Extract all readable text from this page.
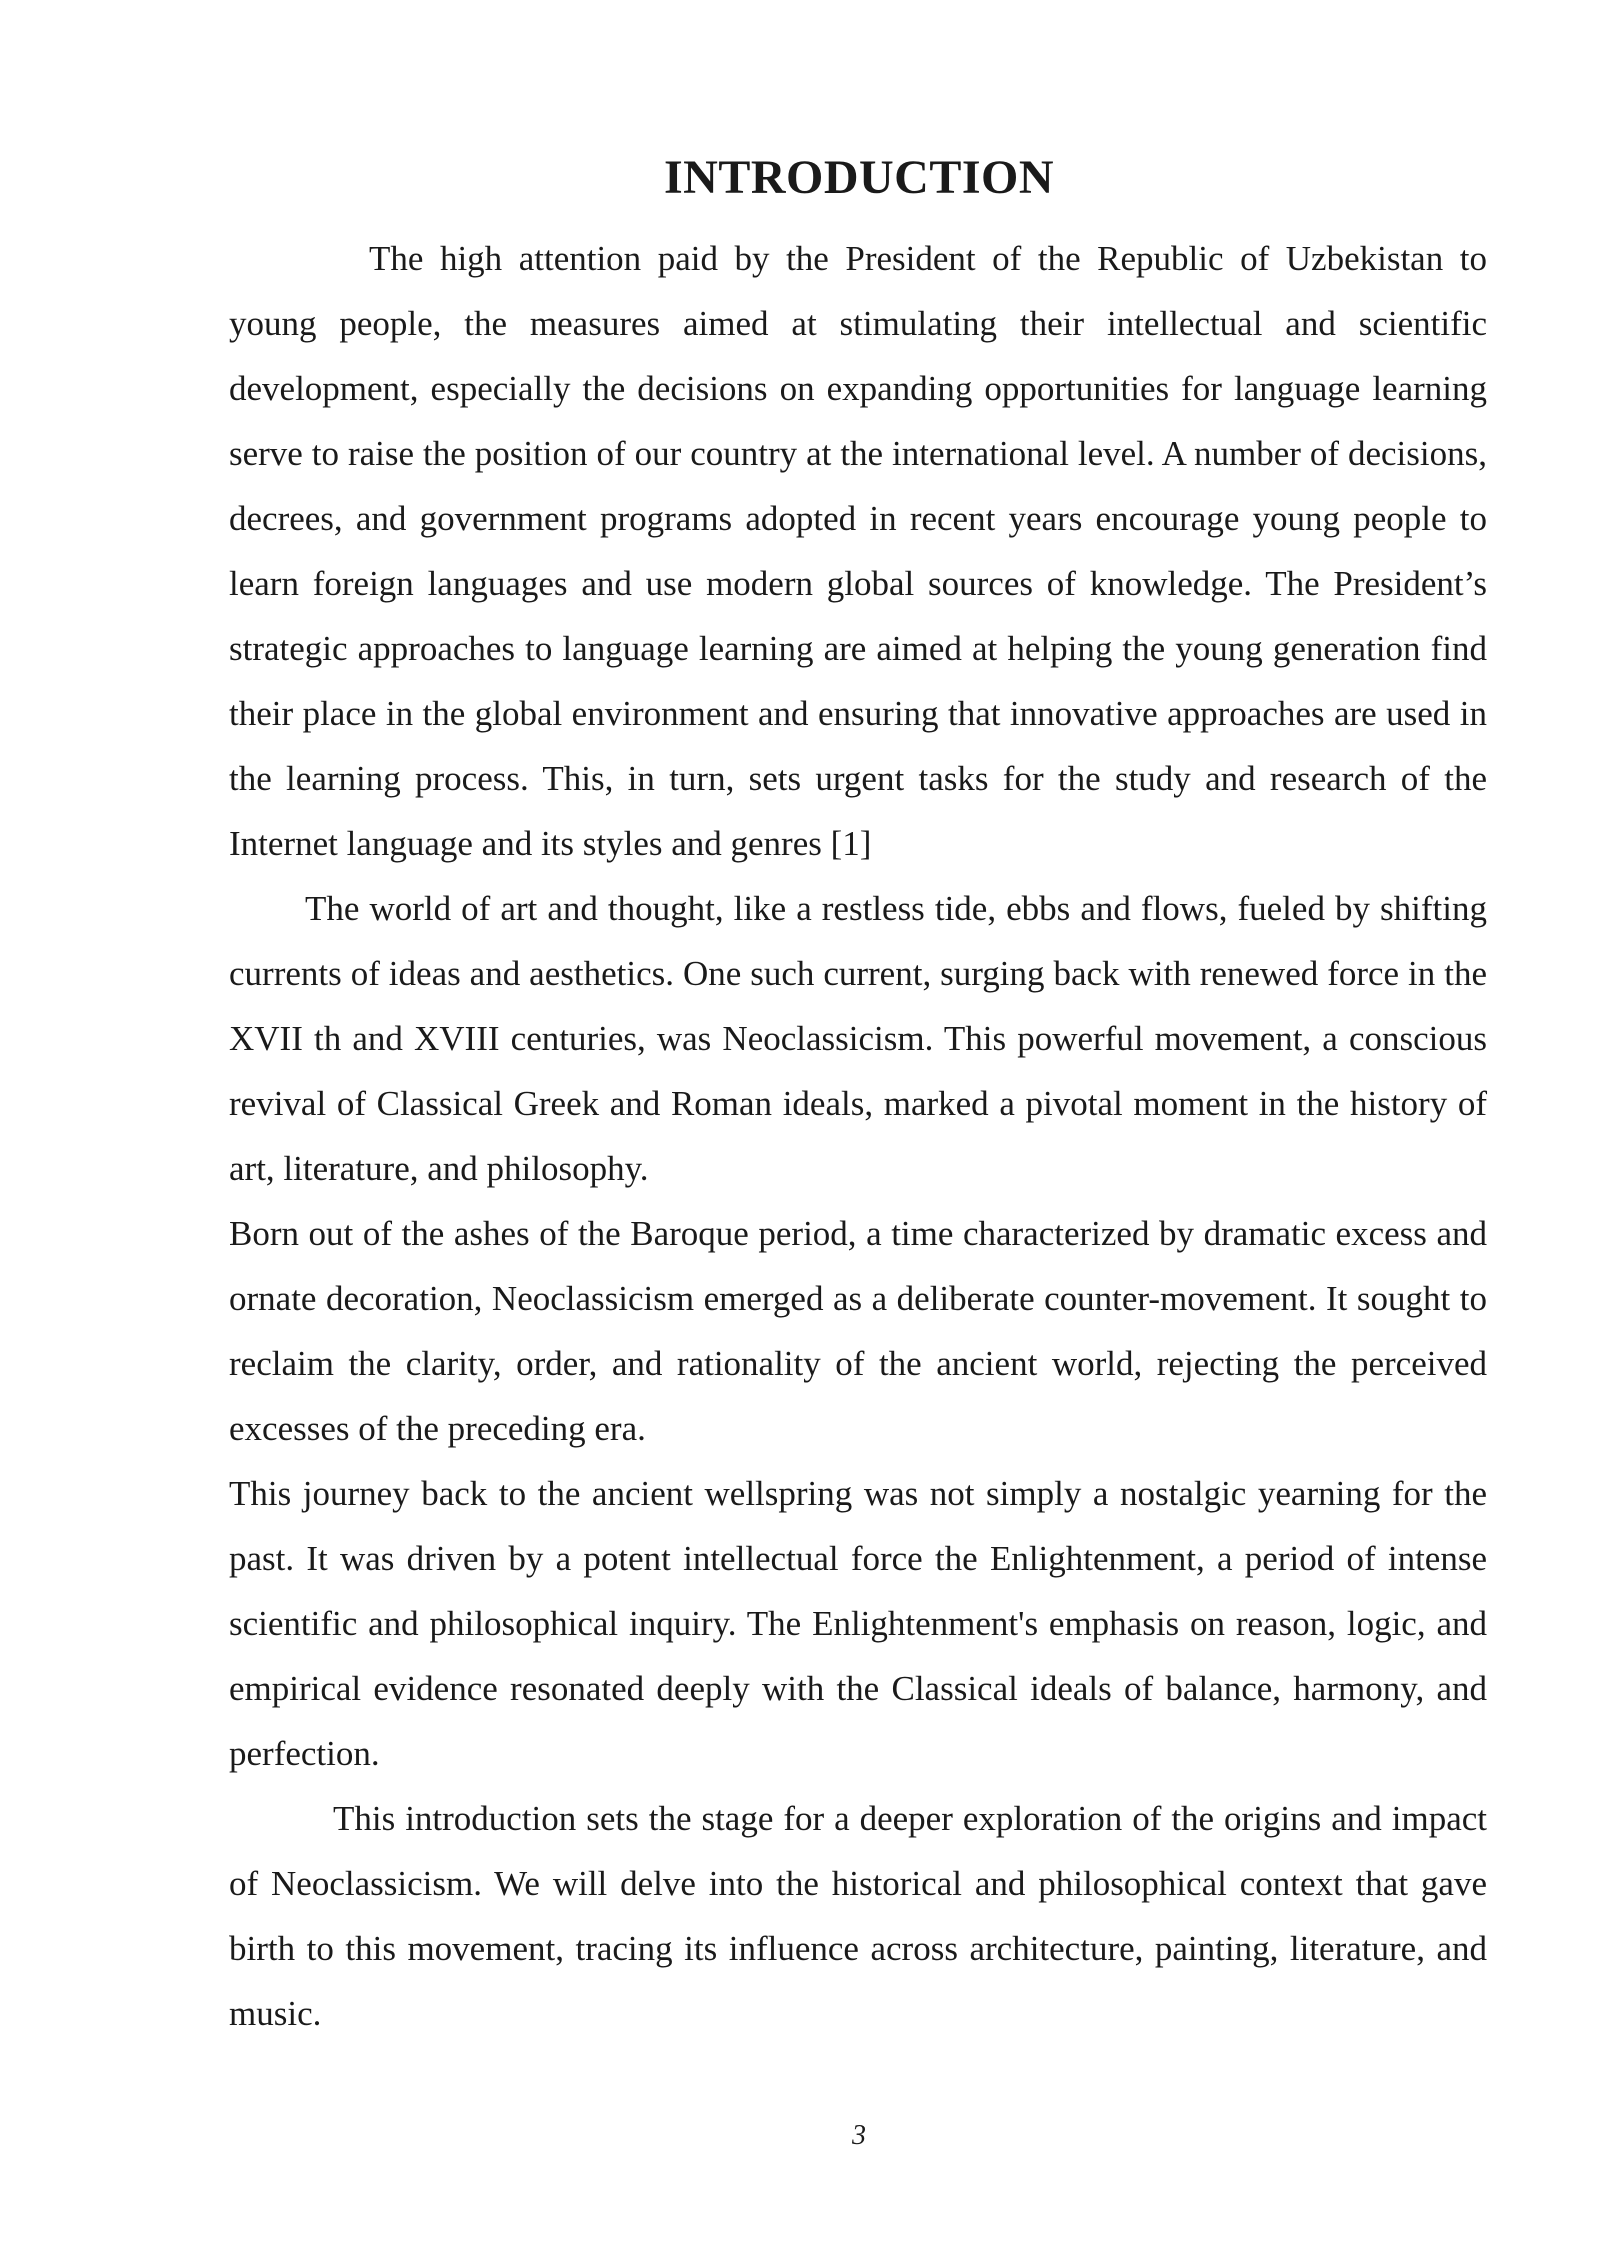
INTRODUCTION

The high attention paid by the President of the Republic of Uzbekistan to young people, the measures aimed at stimulating their intellectual and scientific development, especially the decisions on expanding opportunities for language learning serve to raise the position of our country at the international level. A number of decisions, decrees, and government programs adopted in recent years encourage young people to learn foreign languages and use modern global sources of knowledge. The President’s strategic approaches to language learning are aimed at helping the young generation find their place in the global environment and ensuring that innovative approaches are used in the learning process. This, in turn, sets urgent tasks for the study and research of the Internet language and its styles and genres [1]

The world of art and thought, like a restless tide, ebbs and flows, fueled by shifting currents of ideas and aesthetics. One such current, surging back with renewed force in the XVII th and XVIII centuries, was Neoclassicism. This powerful movement, a conscious revival of Classical Greek and Roman ideals, marked a pivotal moment in the history of art, literature, and philosophy.

Born out of the ashes of the Baroque period, a time characterized by dramatic excess and ornate decoration, Neoclassicism emerged as a deliberate counter-movement. It sought to reclaim the clarity, order, and rationality of the ancient world, rejecting the perceived excesses of the preceding era.

This journey back to the ancient wellspring was not simply a nostalgic yearning for the past. It was driven by a potent intellectual force the Enlightenment, a period of intense scientific and philosophical inquiry. The Enlightenment's emphasis on reason, logic, and empirical evidence resonated deeply with the Classical ideals of balance, harmony, and perfection.

This introduction sets the stage for a deeper exploration of the origins and impact of Neoclassicism. We will delve into the historical and philosophical context that gave birth to this movement, tracing its influence across architecture, painting, literature, and music.

3
